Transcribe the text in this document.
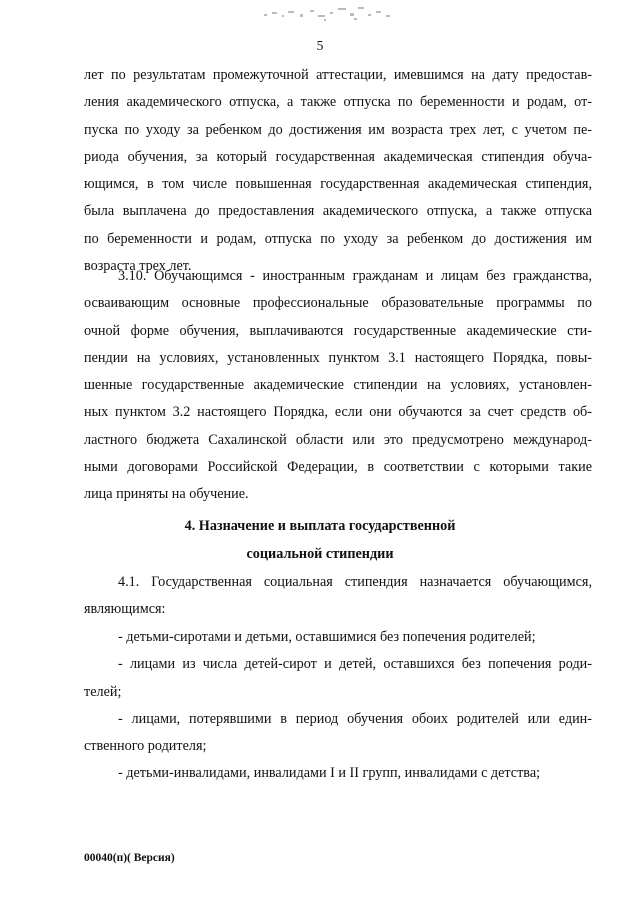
5
лет по результатам промежуточной аттестации, имевшимся на дату предостав-
ления академического отпуска, а также отпуска по беременности и родам, от-
пуска по уходу за ребенком до достижения им возраста трех лет, с учетом пе-
риода обучения, за который государственная академическая стипендия обуча-
ющимся, в том числе повышенная государственная академическая стипендия,
была выплачена до предоставления академического отпуска, а также отпуска
по беременности и родам, отпуска по уходу за ребенком до достижения им
возраста трех лет.
3.10. Обучающимся - иностранным гражданам и лицам без гражданства,
осваивающим основные профессиональные образовательные программы по
очной форме обучения, выплачиваются государственные академические сти-
пендии на условиях, установленных пунктом 3.1 настоящего Порядка, повы-
шенные государственные академические стипендии на условиях, установлен-
ных пунктом 3.2 настоящего Порядка, если они обучаются за счет средств об-
ластного бюджета Сахалинской области или это предусмотрено международ-
ными договорами Российской Федерации, в соответствии с которыми такие
лица приняты на обучение.
4. Назначение и выплата государственной
социальной стипендии
4.1. Государственная социальная стипендия назначается обучающимся,
являющимся:
- детьми-сиротами и детьми, оставшимися без попечения родителей;
- лицами из числа детей-сирот и детей, оставшихся без попечения роди-
телей;
- лицами, потерявшими в период обучения обоих родителей или един-
ственного родителя;
- детьми-инвалидами, инвалидами I и II групп, инвалидами с детства;
00040(п)( Версия)
